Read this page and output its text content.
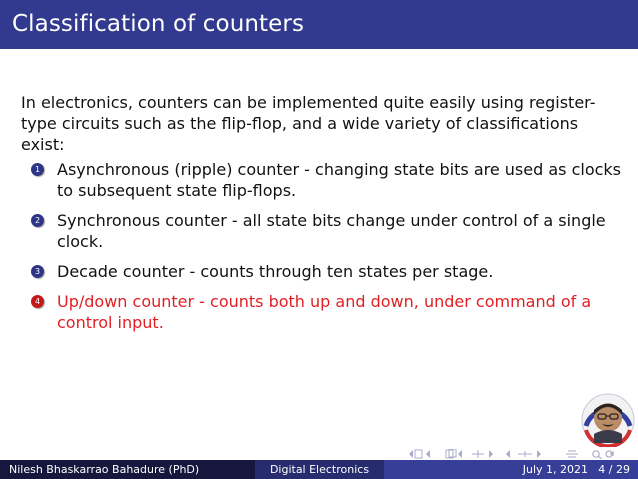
Classification of counters

In electronics, counters can be implemented quite easily using register-type circuits such as the flip-flop, and a wide variety of classifications exist:

1 Asynchronous (ripple) counter - changing state bits are used as clocks to subsequent state flip-flops.
2 Synchronous counter - all state bits change under control of a single clock.
3 Decade counter - counts through ten states per stage.
4 Up/down counter - counts both up and down, under command of a control input.
Nilesh Bhaskarrao Bahadure (PhD)	Digital Electronics	July 1, 2021 4 / 29
